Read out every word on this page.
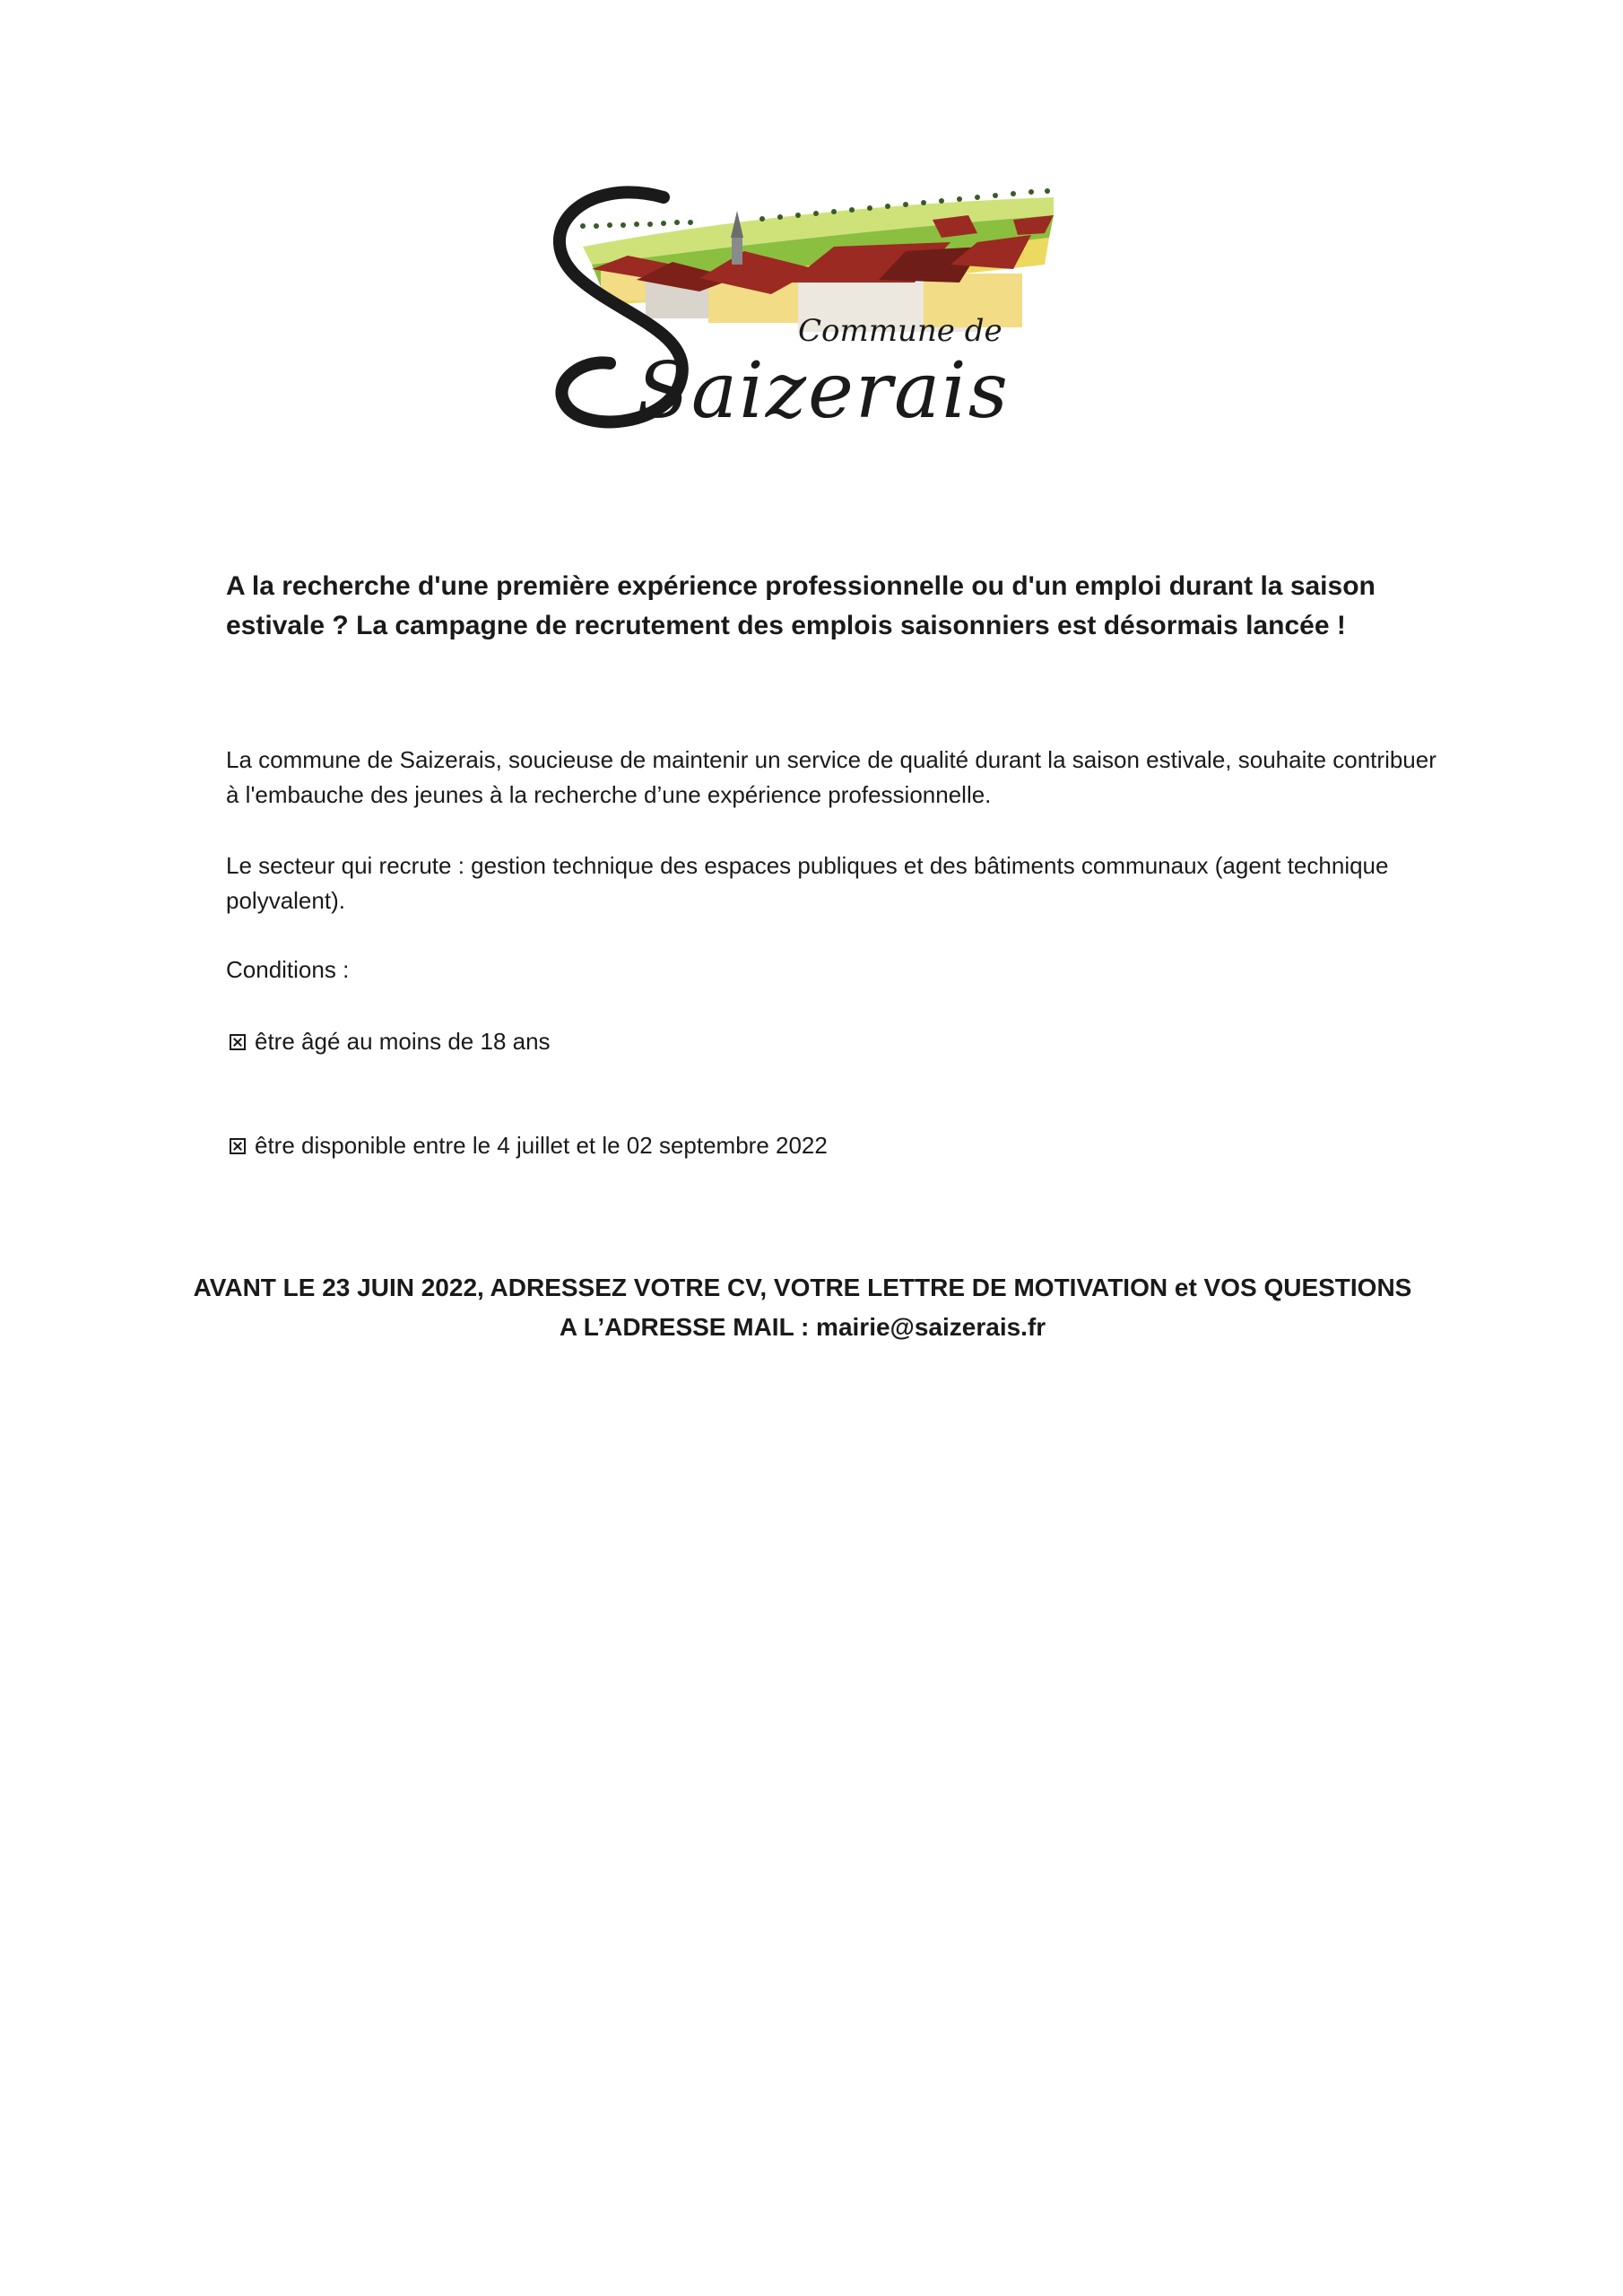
Commune de
Saizerais

A la recherche d'une première expérience professionnelle ou d'un emploi durant la saison estivale ? La campagne de recrutement des emplois saisonniers est désormais lancée !

La commune de Saizerais, soucieuse de maintenir un service de qualité durant la saison estivale, souhaite contribuer à l'embauche des jeunes à la recherche d’une expérience professionnelle.

Le secteur qui recrute : gestion technique des espaces publiques et des bâtiments communaux (agent technique polyvalent).

Conditions :

être âgé au moins de 18 ans
être disponible entre le 4 juillet et le 02 septembre 2022
AVANT LE 23 JUIN 2022, ADRESSEZ VOTRE CV, VOTRE LETTRE DE MOTIVATION et VOS QUESTIONS
A L’ADRESSE MAIL : mairie@saizerais.fr
